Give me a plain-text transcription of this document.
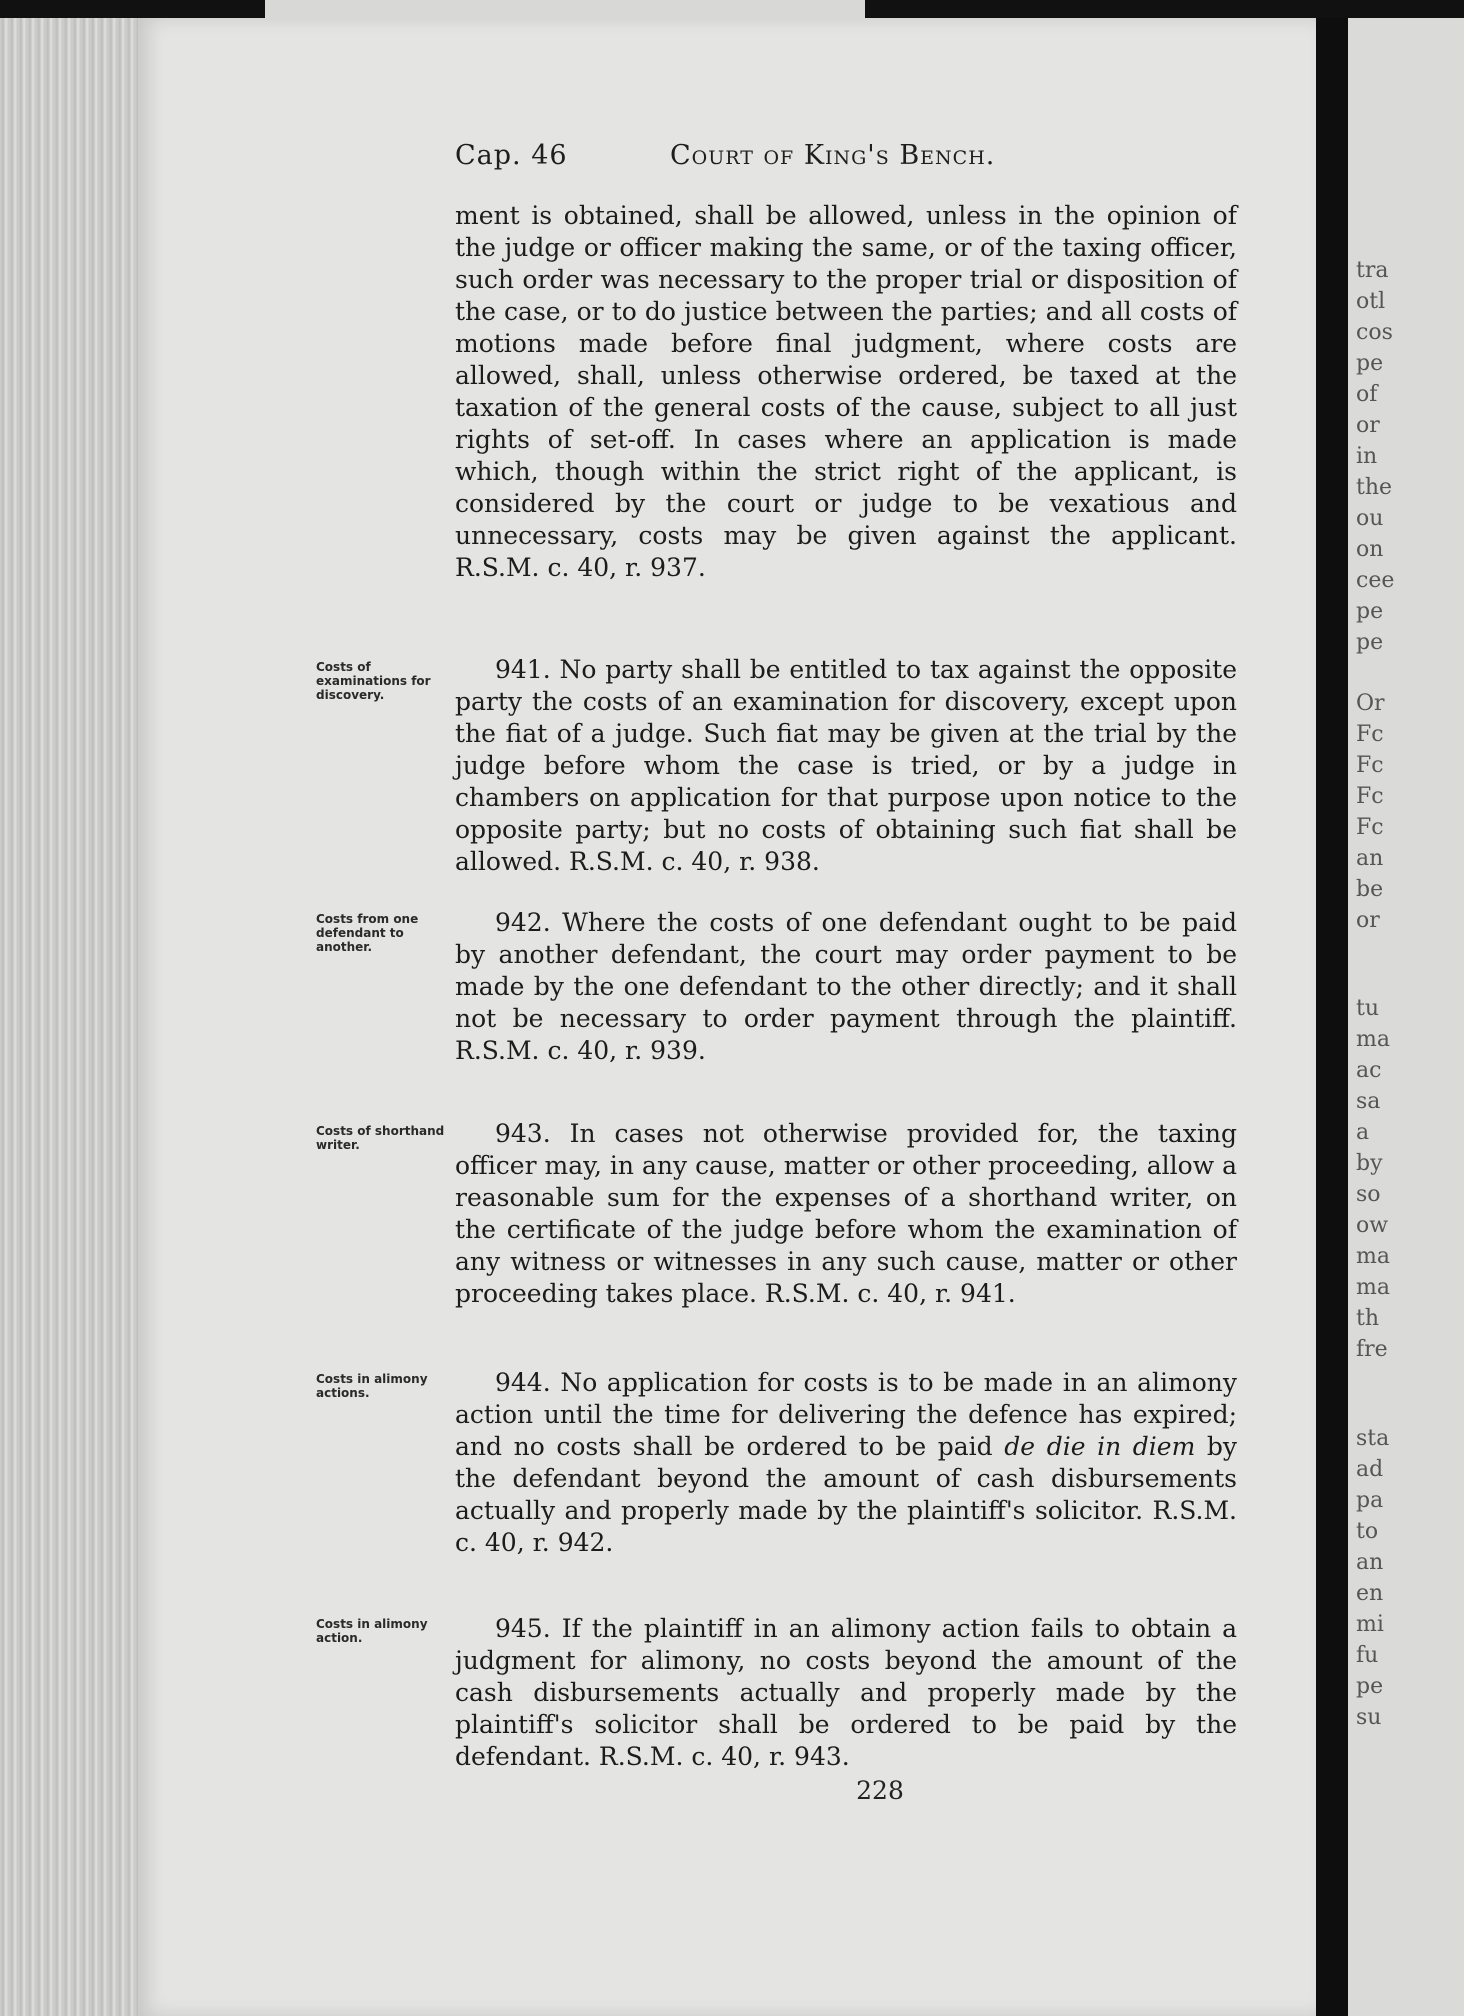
Cap. 46	Court of King's Bench.
ment is obtained, shall be allowed, unless in the opinion of the judge or officer making the same, or of the taxing officer, such order was necessary to the proper trial or disposition of the case, or to do justice between the parties; and all costs of motions made before final judgment, where costs are allowed, shall, unless otherwise ordered, be taxed at the taxation of the general costs of the cause, subject to all just rights of set-off. In cases where an application is made which, though within the strict right of the applicant, is considered by the court or judge to be vexatious and unnecessary, costs may be given against the applicant. R.S.M. c. 40, r. 937.
Costs of examinations for discovery.
941. No party shall be entitled to tax against the opposite party the costs of an examination for discovery, except upon the fiat of a judge. Such fiat may be given at the trial by the judge before whom the case is tried, or by a judge in chambers on application for that purpose upon notice to the opposite party; but no costs of obtaining such fiat shall be allowed. R.S.M. c. 40, r. 938.
Costs from one defendant to another.
942. Where the costs of one defendant ought to be paid by another defendant, the court may order payment to be made by the one defendant to the other directly; and it shall not be necessary to order payment through the plaintiff. R.S.M. c. 40, r. 939.
Costs of shorthand writer.	943. In cases not otherwise provided for, the taxing officer may, in any cause, matter or other proceeding, allow a reasonable sum for the expenses of a shorthand writer, on the certificate of the judge before whom the examination of any witness or witnesses in any such cause, matter or other proceeding takes place. R.S.M. c. 40, r. 941.
Costs in alimony actions.	944. No application for costs is to be made in an alimony action until the time for delivering the defence has expired; and no costs shall be ordered to be paid de die in diem by the defendant beyond the amount of cash disbursements actually and properly made by the plaintiff's solicitor. R.S.M. c. 40, r. 942.
Costs in alimony action.	945. If the plaintiff in an alimony action fails to obtain a judgment for alimony, no costs beyond the amount of the cash disbursements actually and properly made by the plaintiff's solicitor shall be ordered to be paid by the defendant. R.S.M. c. 40, r. 943.
228
tra
otl
cos
pe
of
or
in
the
ou
on
cee
pe
pe
Or
Fc
Fc
Fc
Fc
an
be
or
tu
ma
ac
sa
a
by
so
ow
ma
ma
th
fre
sta
ad
pa
to
an
en
mi
fu
pe
su
